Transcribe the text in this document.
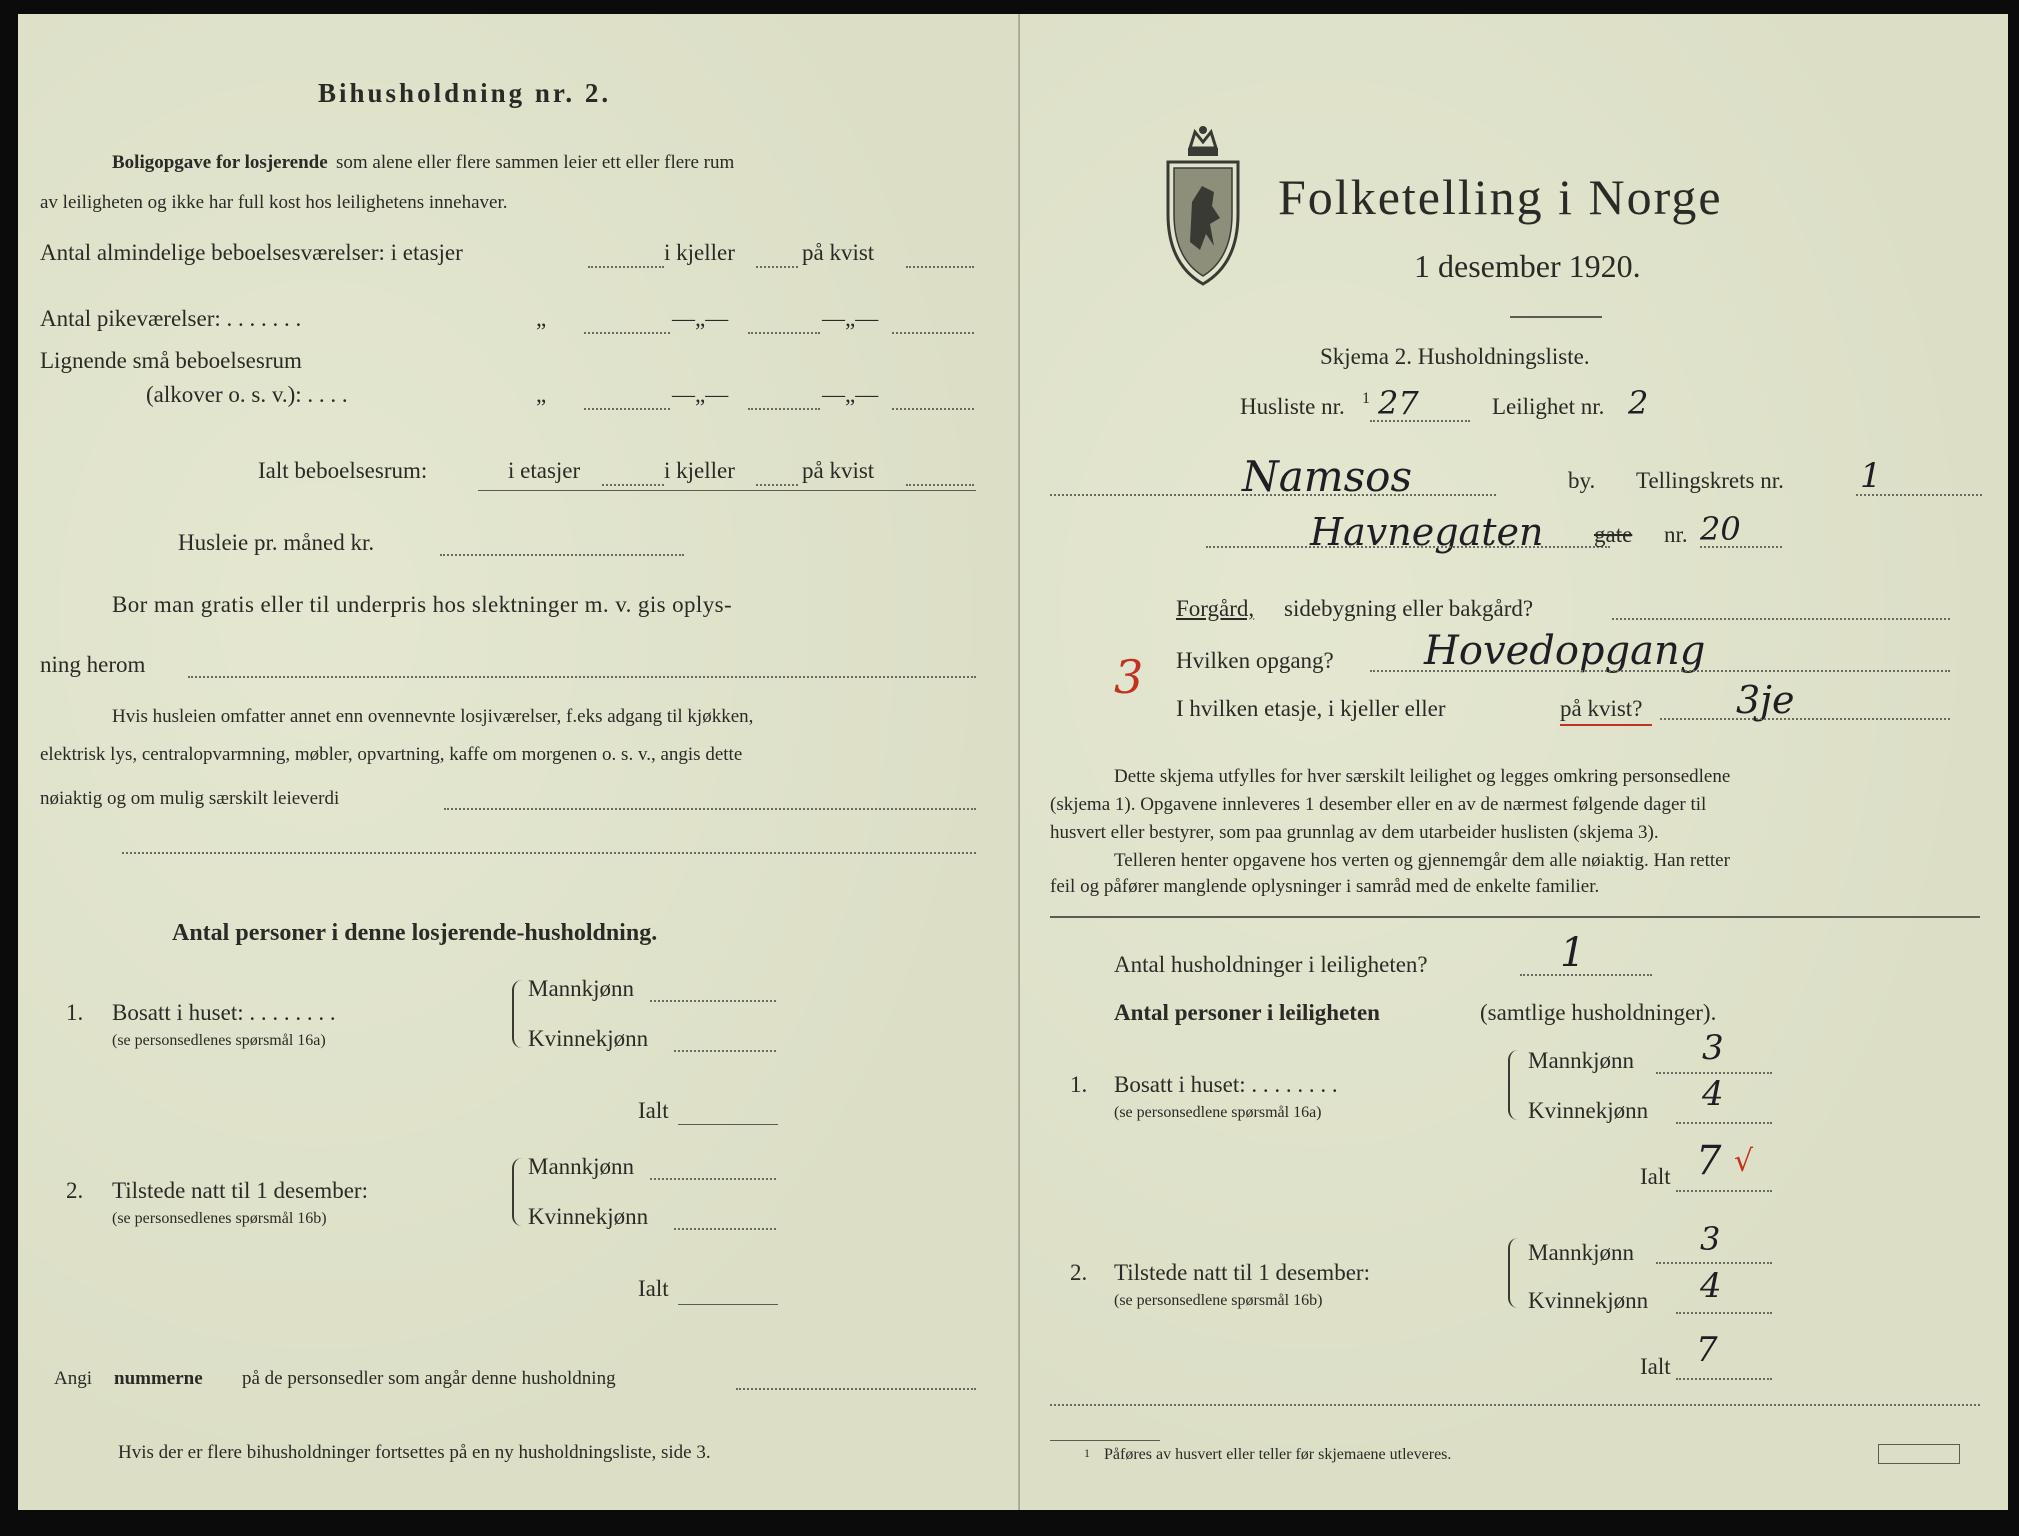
Bihusholdning nr. 2.
Boligopgave for losjerende som alene eller flere sammen leier ett eller flere rum
av leiligheten og ikke har full kost hos leilighetens innehaver.
Antal almindelige beboelsesværelser: i etasjer	i kjeller	på kvist
Antal pikeværelser: . . . . . . .	„	—„—	—„—
Lignende små beboelsesrum
(alkover o. s. v.): . . . .	„	—„—	—„—
Ialt beboelsesrum:	i etasjer	i kjeller	på kvist
Husleie pr. måned kr.
Bor man gratis eller til underpris hos slektninger m. v. gis oplys-
ning herom
Hvis husleien omfatter annet enn ovennevnte losjiværelser, f.eks adgang til kjøkken,
elektrisk lys, centralopvarmning, møbler, opvartning, kaffe om morgenen o. s. v., angis dette
nøiaktig og om mulig særskilt leieverdi
Antal personer i denne losjerende-husholdning.
1. Bosatt i huset: . . . . . . . .
(se personsedlenes spørsmål 16a)
Mannkjønn
Kvinnekjønn
Ialt
2. Tilstede natt til 1 desember:
(se personsedlenes spørsmål 16b)
Mannkjønn
Kvinnekjønn
Ialt
Angi nummerne på de personsedler som angår denne husholdning
Hvis der er flere bihusholdninger fortsettes på en ny husholdningsliste, side 3.
Folketelling i Norge
1 desember 1920.
Skjema 2. Husholdningsliste.
Husliste nr. 1 27	Leilighet nr. 2
Namsos	by. Tellingskrets nr. 1
Havnegaten gate nr. 20
Forgård, sidebygning eller bakgård?
Hvilken opgang? Hovedopgang
3
I hvilken etasje, i kjeller eller	på kvist? 3je
Dette skjema utfylles for hver særskilt leilighet og legges omkring personsedlene
(skjema 1). Opgavene innleveres 1 desember eller en av de nærmest følgende dager til
husvert eller bestyrer, som paa grunnlag av dem utarbeider huslisten (skjema 3).
Telleren henter opgavene hos verten og gjennemgår dem alle nøiaktig. Han retter
feil og påfører manglende oplysninger i samråd med de enkelte familier.
Antal husholdninger i leiligheten?	1
Antal personer i leiligheten	(samtlige husholdninger).
1. Bosatt i huset: . . . . . . . .
(se personsedlene spørsmål 16a)
Mannkjønn 3
Kvinnekjønn 4
Ialt 7 √
2. Tilstede natt til 1 desember:
(se personsedlene spørsmål 16b)
Mannkjønn 3
Kvinnekjønn 4
Ialt 7
1 Påføres av husvert eller teller før skjemaene utleveres.
